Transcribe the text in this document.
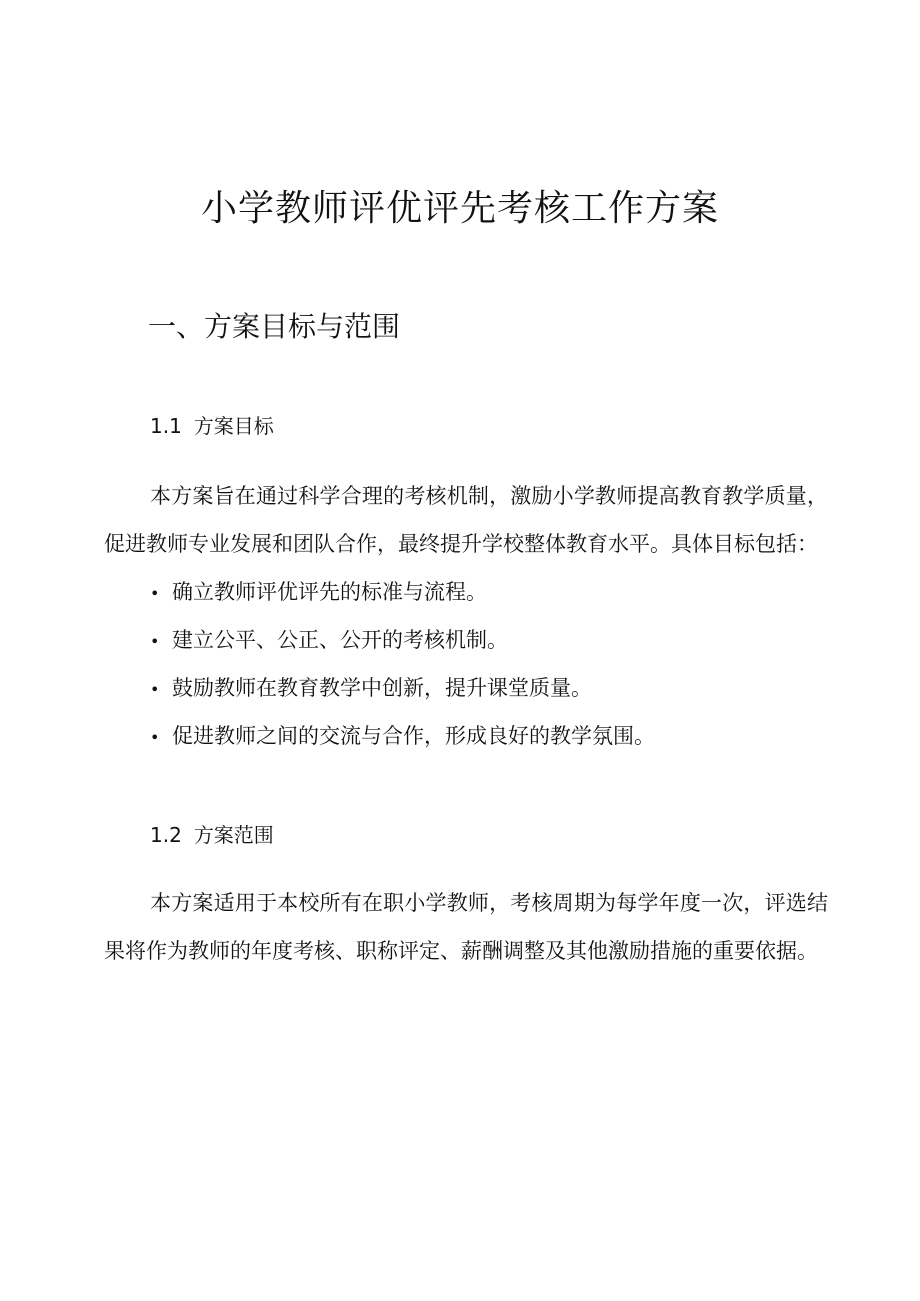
小学教师评优评先考核工作方案
一、方案目标与范围
1.1 方案目标

本方案旨在通过科学合理的考核机制，激励小学教师提高教育教学质量，促进教师专业发展和团队合作，最终提升学校整体教育水平。具体目标包括：

• 确立教师评优评先的标准与流程。
• 建立公平、公正、公开的考核机制。
• 鼓励教师在教育教学中创新，提升课堂质量。
• 促进教师之间的交流与合作，形成良好的教学氛围。
1.2 方案范围

本方案适用于本校所有在职小学教师，考核周期为每学年度一次，评选结果将作为教师的年度考核、职称评定、薪酬调整及其他激励措施的重要依据。
